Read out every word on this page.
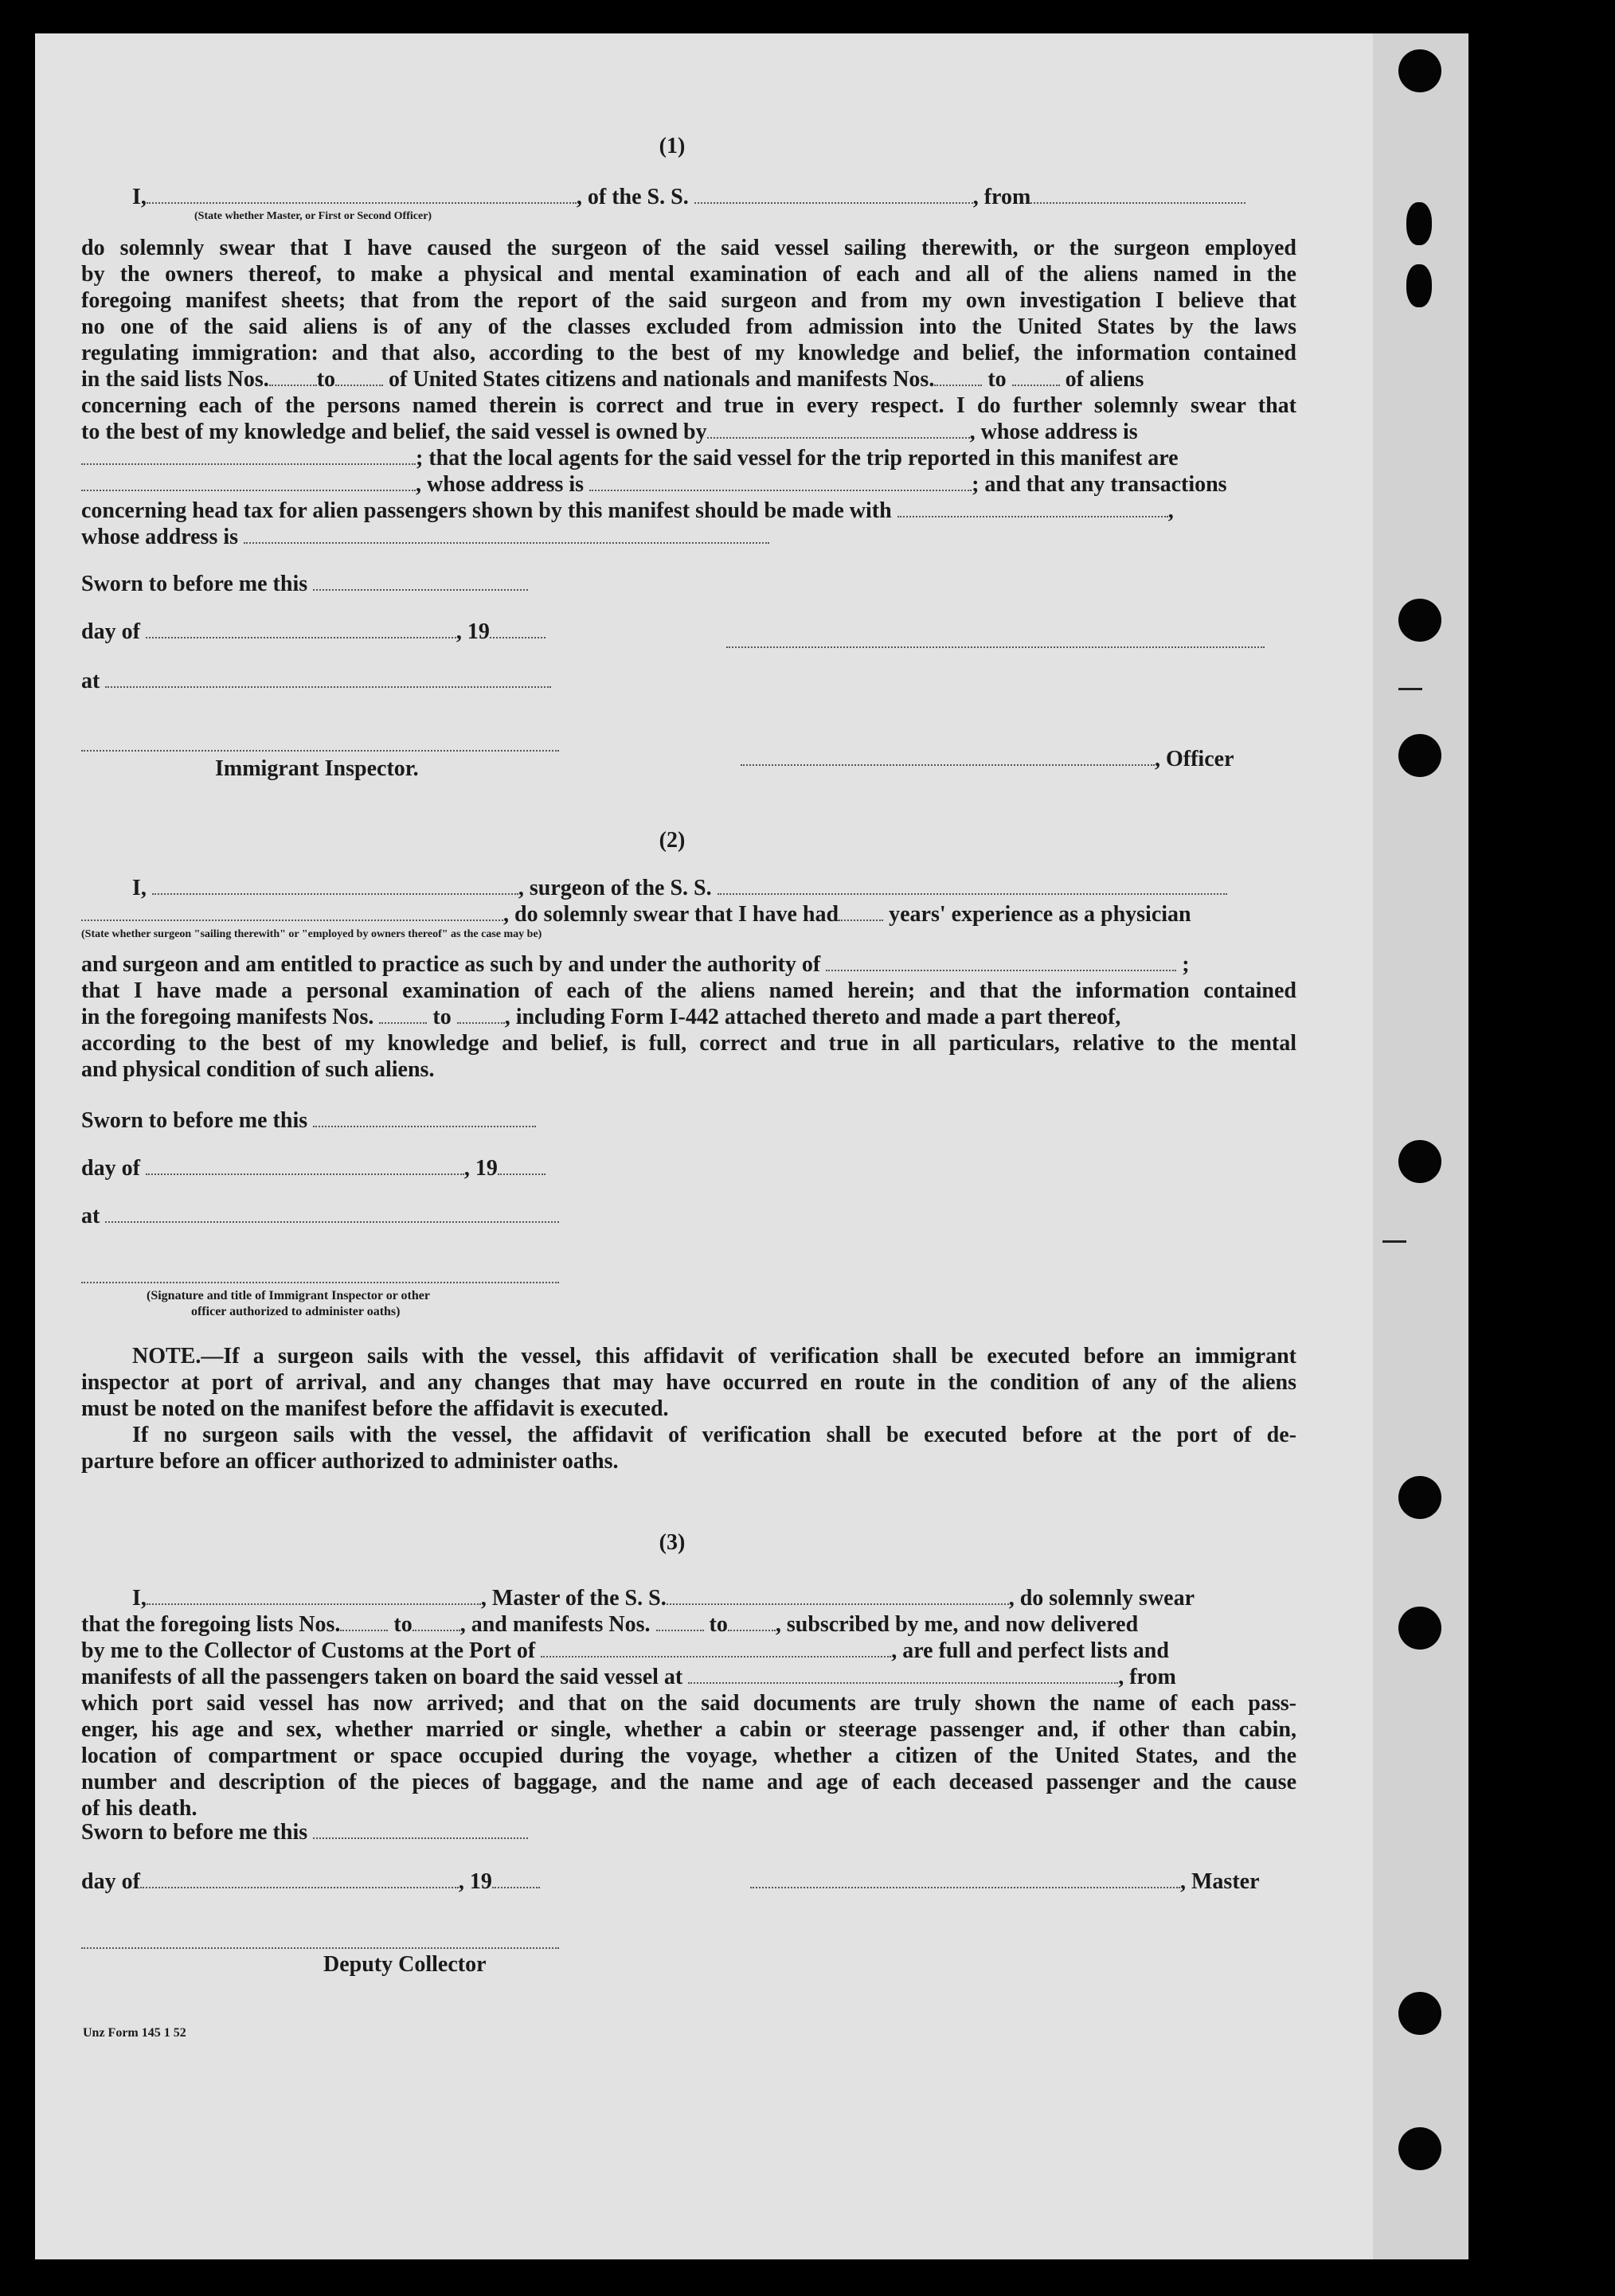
(1)
I,	, of the S. S.	, from
(State whether Master, or First or Second Officer)
do solemnly swear that I have caused the surgeon of the said vessel sailing therewith, or the surgeon employed
by the owners thereof, to make a physical and mental examination of each and all of the aliens named in the
foregoing manifest sheets; that from the report of the said surgeon and from my own investigation I believe that
no one of the said aliens is of any of the classes excluded from admission into the United States by the laws
regulating immigration: and that also, according to the best of my knowledge and belief, the information contained
in the said lists Nos. to of United States citizens and nationals and manifests Nos. to	of aliens
concerning each of the persons named therein is correct and true in every respect. I do further solemnly swear that
to the best of my knowledge and belief, the said vessel is owned by	, whose address is
; that the local agents for the said vessel for the trip reported in this manifest are
, whose address is	; and that any transactions
concerning head tax for alien passengers shown by this manifest should be made with	,
whose address is
Sworn to before me this
day of	, 19
at
Immigrant Inspector.	, Officer
(2)
I,	, surgeon of the S. S.
, do solemnly swear that I have had years' experience as a physician
(State whether surgeon "sailing therewith" or "employed by owners thereof" as the case may be)
and surgeon and am entitled to practice as such by and under the authority of	;
that I have made a personal examination of each of the aliens named herein; and that the information contained
in the foregoing manifests Nos.	to , including Form I-442 attached thereto and made a part thereof,
according to the best of my knowledge and belief, is full, correct and true in all particulars, relative to the mental
and physical condition of such aliens.
Sworn to before me this
day of	, 19
at
(Signature and title of Immigrant Inspector or other
officer authorized to administer oaths)
NOTE.—If a surgeon sails with the vessel, this affidavit of verification shall be executed before an immigrant
inspector at port of arrival, and any changes that may have occurred en route in the condition of any of the aliens
must be noted on the manifest before the affidavit is executed.
If no surgeon sails with the vessel, the affidavit of verification shall be executed before at the port of de-
parture before an officer authorized to administer oaths.
(3)
I,	, Master of the S. S.	, do solemnly swear
that the foregoing lists Nos. to , and manifests Nos.	to , subscribed by me, and now delivered
by me to the Collector of Customs at the Port of	, are full and perfect lists and
manifests of all the passengers taken on board the said vessel at	, from
which port said vessel has now arrived; and that on the said documents are truly shown the name of each pass-
enger, his age and sex, whether married or single, whether a cabin or steerage passenger and, if other than cabin,
location of compartment or space occupied during the voyage, whether a citizen of the United States, and the
number and description of the pieces of baggage, and the name and age of each deceased passenger and the cause
of his death.
Sworn to before me this
day of	, 19	, Master
Deputy Collector
Unz Form 145 1 52
